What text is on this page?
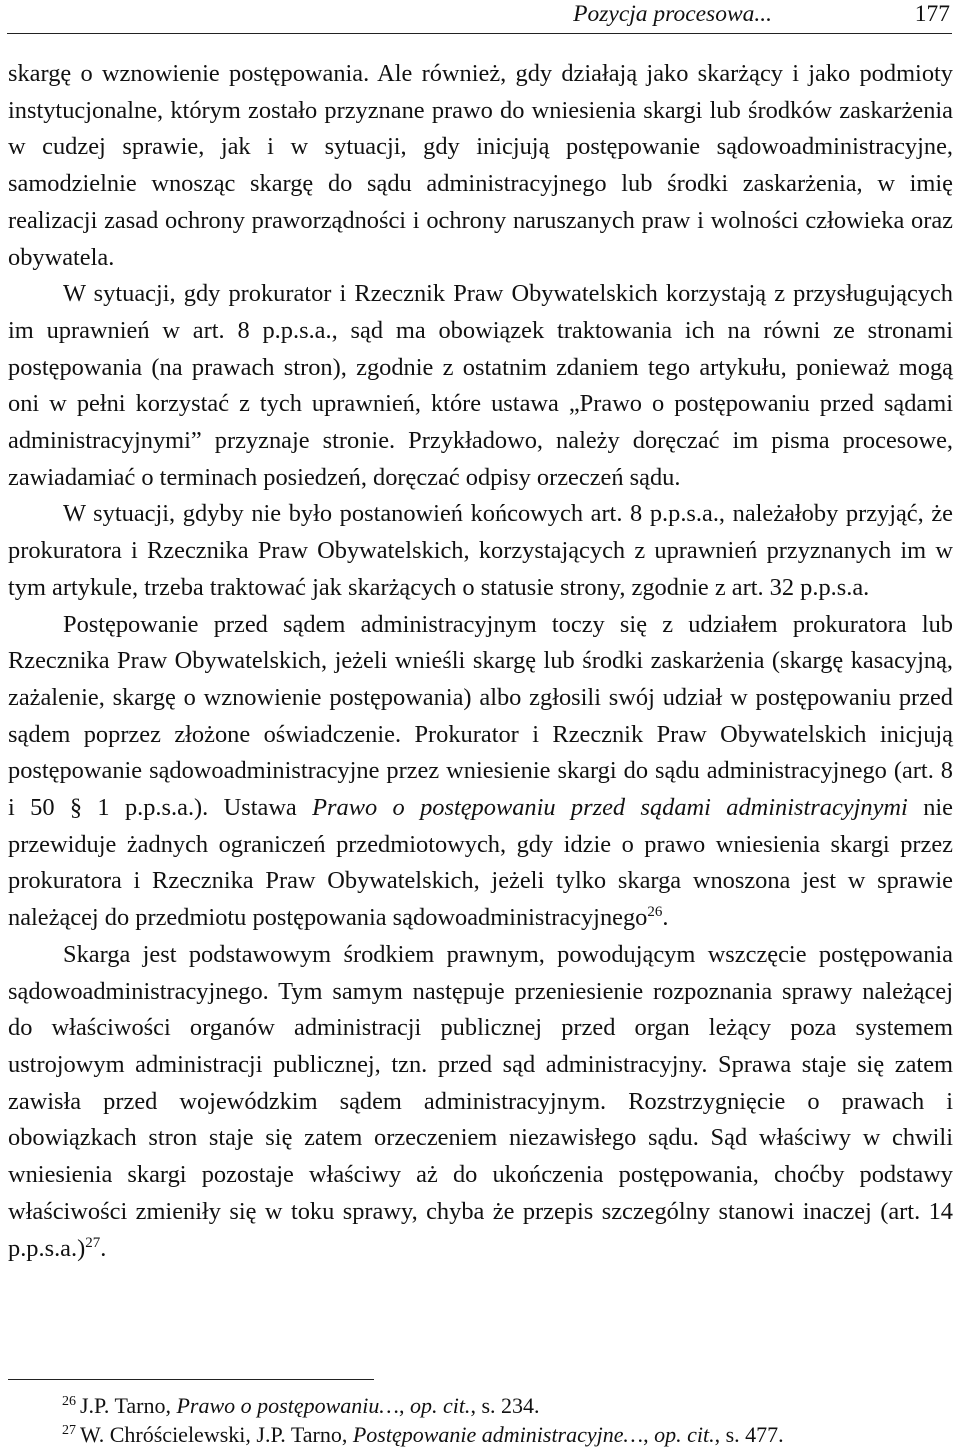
Pozycja procesowa...	177

skargę o wznowienie postępowania. Ale również, gdy działają jako skarżący i jako podmioty instytucjonalne, którym zostało przyznane prawo do wniesienia skargi lub środków zaskarżenia w cudzej sprawie, jak i w sytuacji, gdy inicjują postępowanie sądowoadministracyjne, samodzielnie wnosząc skargę do sądu administracyjnego lub środki zaskarżenia, w imię realizacji zasad ochrony praworządności i ochrony naruszanych praw i wolności człowieka oraz obywatela.

W sytuacji, gdy prokurator i Rzecznik Praw Obywatelskich korzystają z przysługujących im uprawnień w art. 8 p.p.s.a., sąd ma obowiązek traktowania ich na równi ze stronami postępowania (na prawach stron), zgodnie z ostatnim zdaniem tego artykułu, ponieważ mogą oni w pełni korzystać z tych uprawnień, które ustawa „Prawo o postępowaniu przed sądami administracyjnymi” przyznaje stronie. Przykładowo, należy doręczać im pisma procesowe, zawiadamiać o terminach posiedzeń, doręczać odpisy orzeczeń sądu.

W sytuacji, gdyby nie było postanowień końcowych art. 8 p.p.s.a., należałoby przyjąć, że prokuratora i Rzecznika Praw Obywatelskich, korzystających z uprawnień przyznanych im w tym artykule, trzeba traktować jak skarżących o statusie strony, zgodnie z art. 32 p.p.s.a.

Postępowanie przed sądem administracyjnym toczy się z udziałem prokuratora lub Rzecznika Praw Obywatelskich, jeżeli wnieśli skargę lub środki zaskarżenia (skargę kasacyjną, zażalenie, skargę o wznowienie postępowania) albo zgłosili swój udział w postępowaniu przed sądem poprzez złożone oświadczenie. Prokurator i Rzecznik Praw Obywatelskich inicjują postępowanie sądowoadministracyjne przez wniesienie skargi do sądu administracyjnego (art. 8 i 50 § 1 p.p.s.a.). Ustawa Prawo o postępowaniu przed sądami administracyjnymi nie przewiduje żadnych ograniczeń przedmiotowych, gdy idzie o prawo wniesienia skargi przez prokuratora i Rzecznika Praw Obywatelskich, jeżeli tylko skarga wnoszona jest w sprawie należącej do przedmiotu postępowania sądowoadministracyjnego$^{26}$.

Skarga jest podstawowym środkiem prawnym, powodującym wszczęcie postępowania sądowoadministracyjnego. Tym samym następuje przeniesienie rozpoznania sprawy należącej do właściwości organów administracji publicznej przed organ leżący poza systemem ustrojowym administracji publicznej, tzn. przed sąd administracyjny. Sprawa staje się zatem zawisła przed wojewódzkim sądem administracyjnym. Rozstrzygnięcie o prawach i obowiązkach stron staje się zatem orzeczeniem niezawisłego sądu. Sąd właściwy w chwili wniesienia skargi pozostaje właściwy aż do ukończenia postępowania, choćby podstawy właściwości zmieniły się w toku sprawy, chyba że przepis szczególny stanowi inaczej (art. 14 p.p.s.a.)$^{27}$.

$^{26}$ J.P. Tarno, Prawo o postępowaniu…, op. cit., s. 234.

$^{27}$ W. Chróścielewski, J.P. Tarno, Postępowanie administracyjne…, op. cit., s. 477.
